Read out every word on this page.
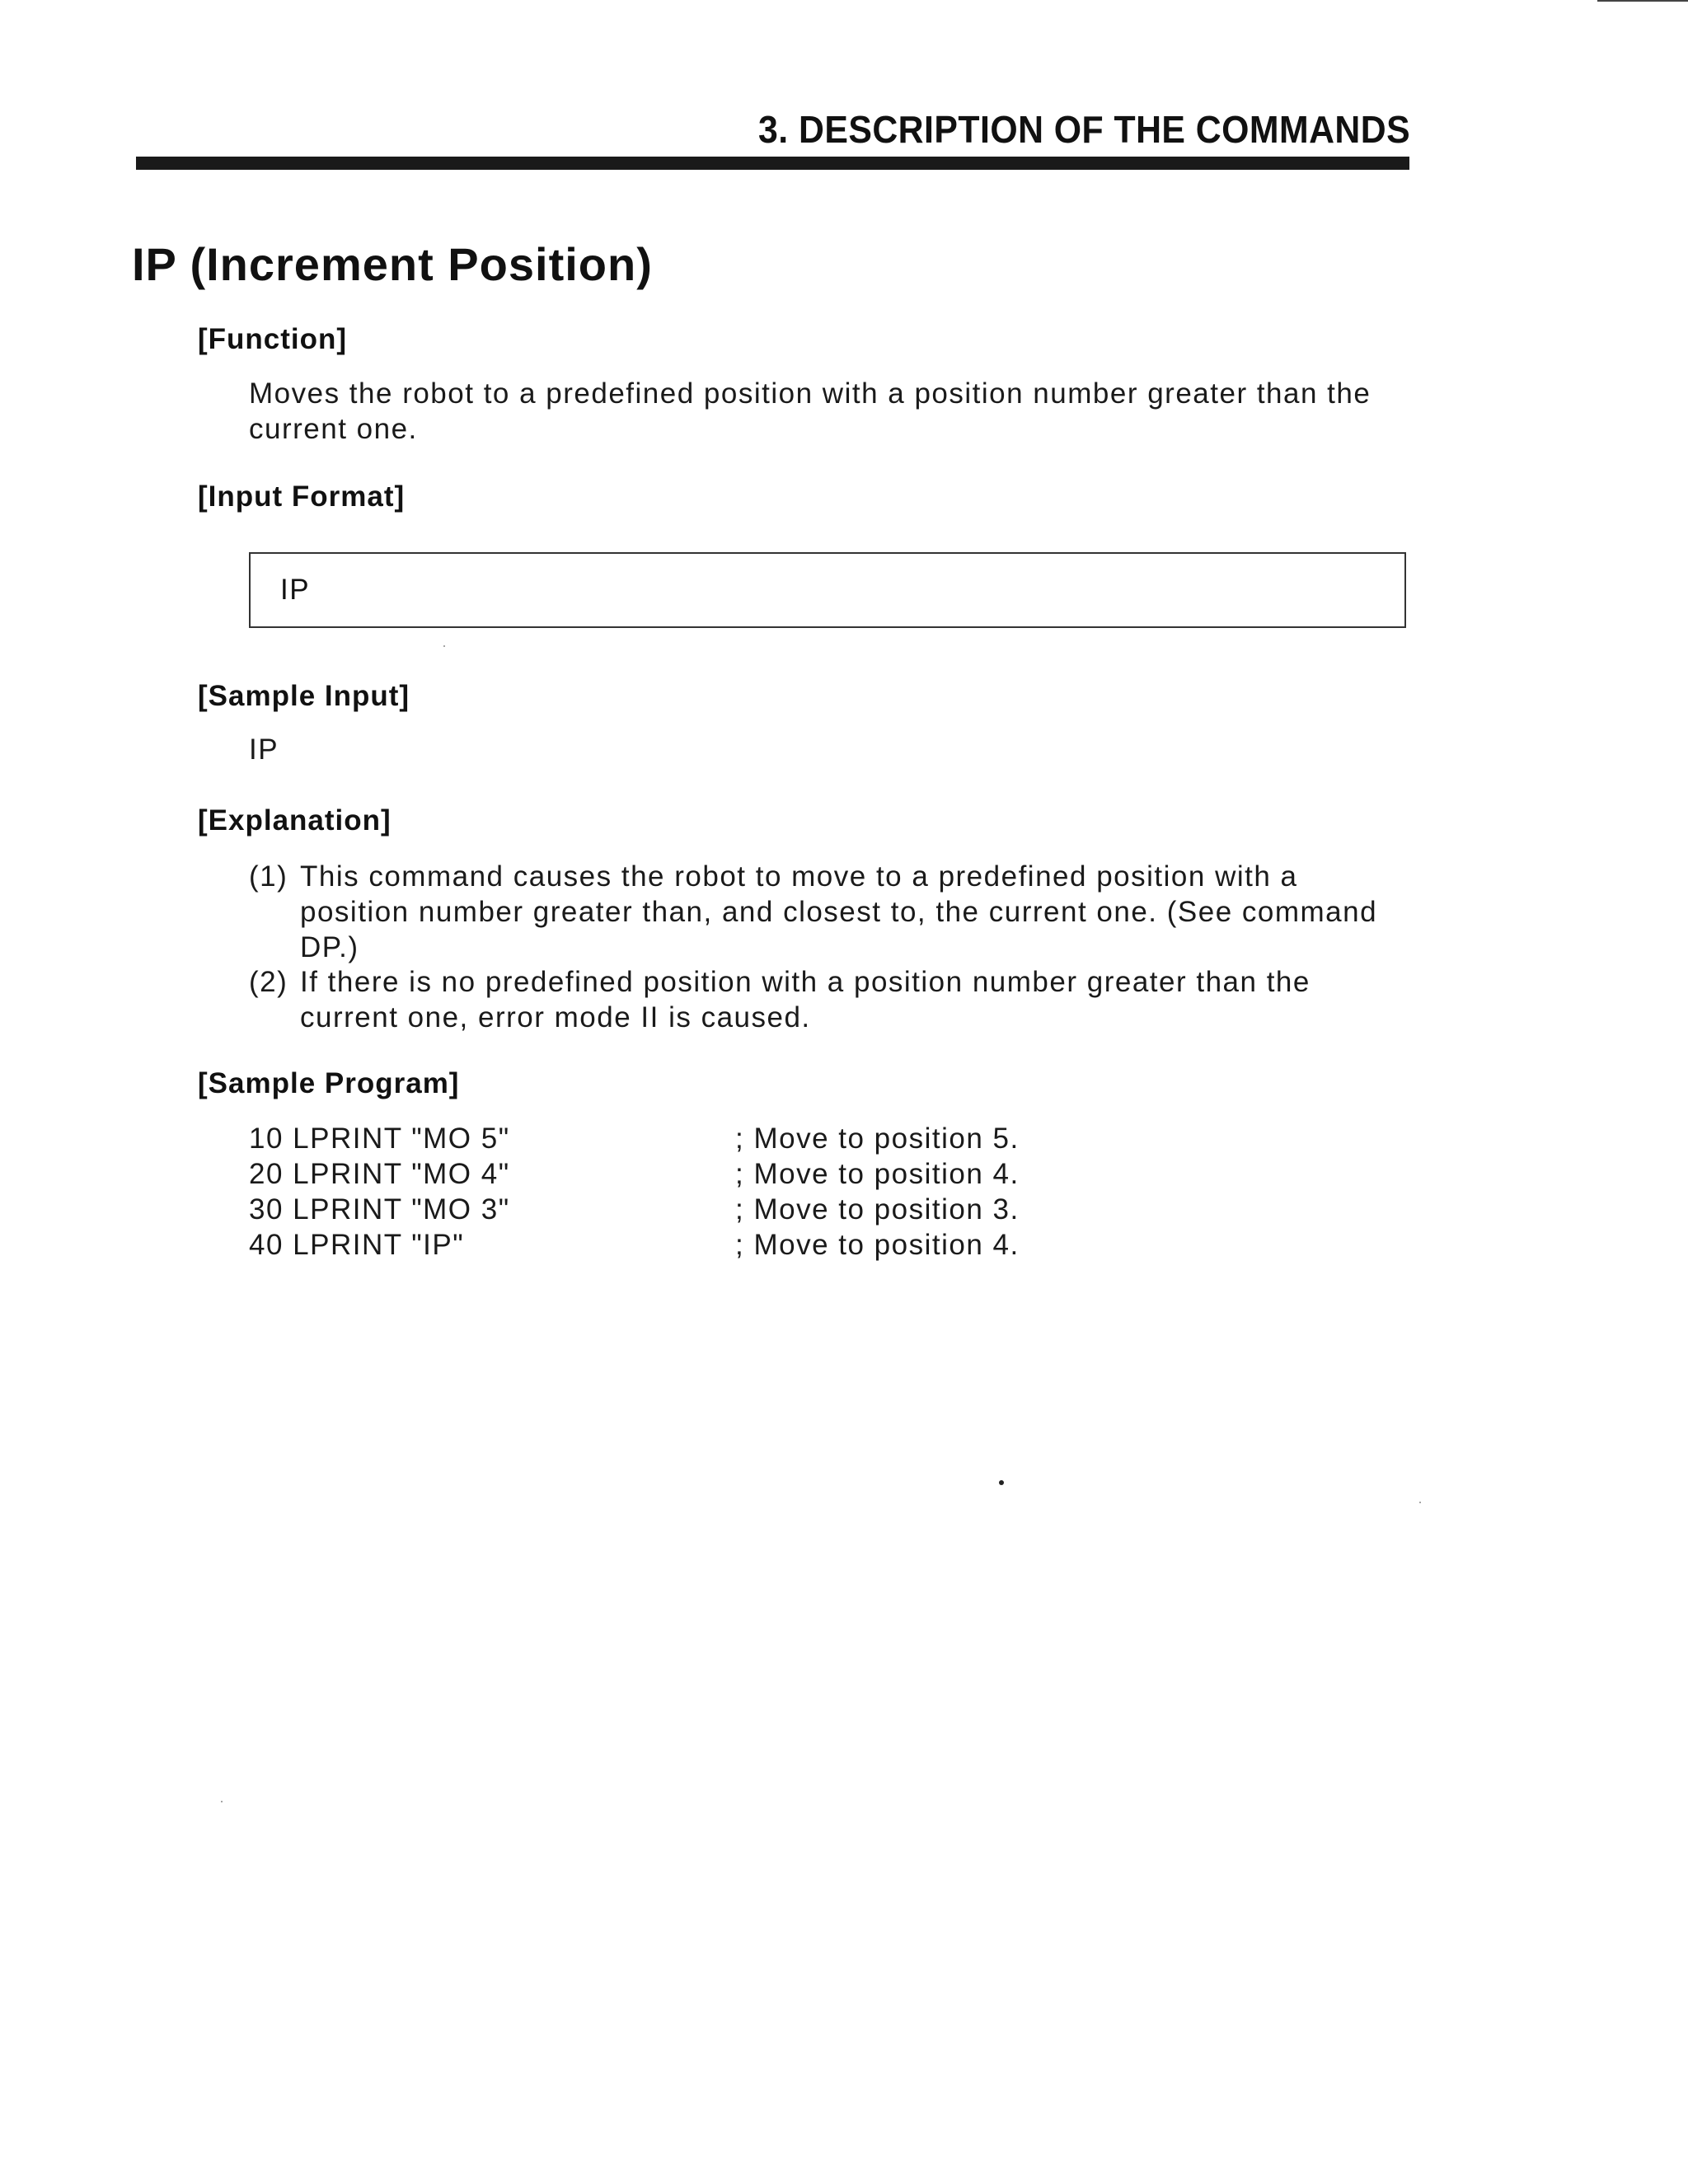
3. DESCRIPTION OF THE COMMANDS
IP (Increment Position)
[Function]
Moves the robot to a predefined position with a position number greater than the current one.
[Input Format]
IP
[Sample Input]
IP
[Explanation]
(1) This command causes the robot to move to a predefined position with a position number greater than, and closest to, the current one. (See command DP.)
(2) If there is no predefined position with a position number greater than the current one, error mode II is caused.
[Sample Program]
10 LPRINT "MO 5"	; Move to position 5.
20 LPRINT "MO 4"	; Move to position 4.
30 LPRINT "MO 3"	; Move to position 3.
40 LPRINT "IP"	; Move to position 4.
